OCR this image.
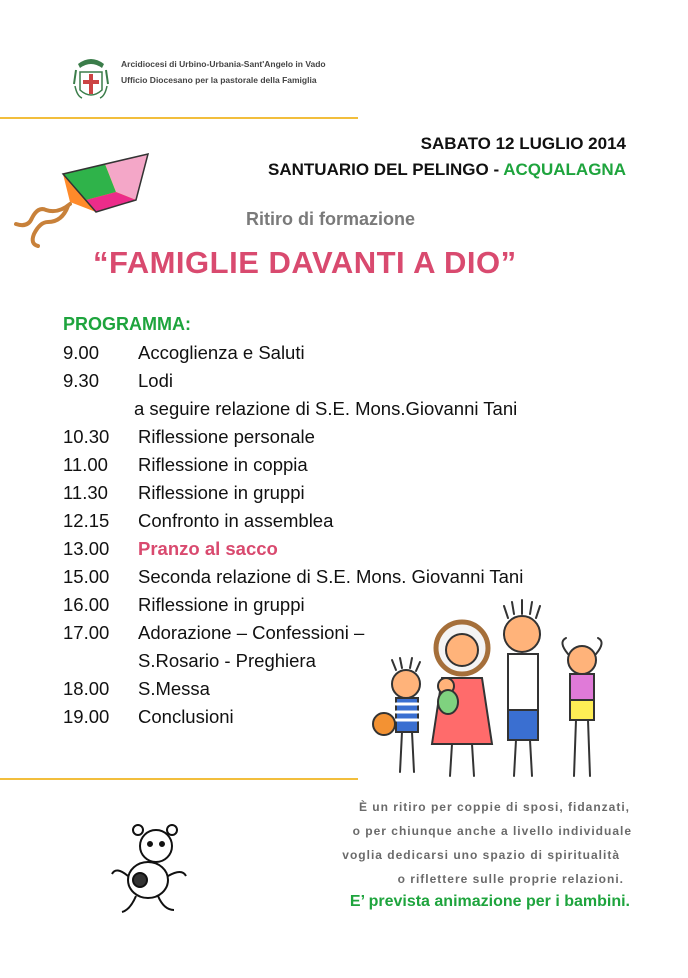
Arcidiocesi di Urbino-Urbania-Sant'Angelo in Vado
Ufficio Diocesano per la pastorale della Famiglia
SABATO 12 LUGLIO 2014
SANTUARIO DEL PELINGO - ACQUALAGNA
Ritiro di formazione
“FAMIGLIE DAVANTI A DIO”
PROGRAMMA:
9.00 Accoglienza e Saluti
9.30 Lodi
a seguire relazione di S.E. Mons.Giovanni Tani
10.30 Riflessione personale
11.00 Riflessione in coppia
11.30 Riflessione in gruppi
12.15 Confronto in assemblea
13.00 Pranzo al sacco
15.00 Seconda relazione di S.E. Mons. Giovanni Tani
16.00 Riflessione in gruppi
17.00 Adorazione – Confessioni –
S.Rosario - Preghiera
18.00 S.Messa
19.00 Conclusioni
È un ritiro per coppie di sposi, fidanzati,
o per chiunque anche a livello individuale
voglia dedicarsi uno spazio di spiritualità
o riflettere sulle proprie relazioni.
E’ prevista animazione per i bambini.
